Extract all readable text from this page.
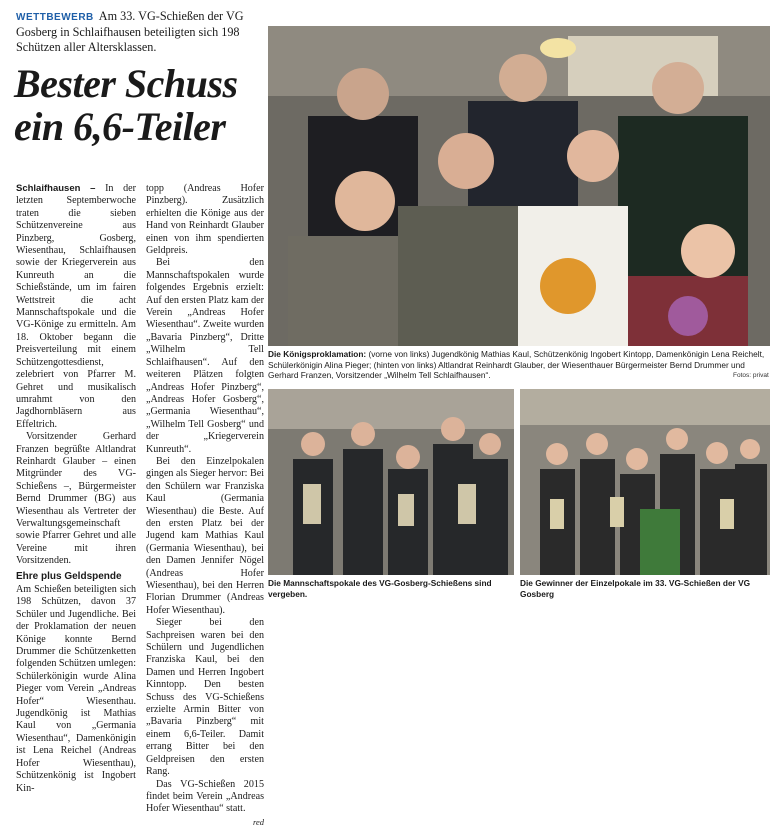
WETTBEWERB Am 33. VG-Schießen der VG Gosberg in Schlaifhausen beteiligten sich 198 Schützen aller Altersklassen.
Bester Schuss
ein 6,6-Teiler

Schlaifhausen – In der letzten Septemberwoche traten die sieben Schützenvereine aus Pinzberg, Gosberg, Wiesenthau, Schlaifhausen sowie der Kriegerverein aus Kunreuth an die Schießstände, um im fairen Wettstreit die acht Mannschaftspokale und die VG-Könige zu ermitteln. Am 18. Oktober begann die Preisverteilung mit einem Schützengottesdienst, zelebriert von Pfarrer M. Gehret und musikalisch umrahmt von den Jagdhornbläsern aus Effeltrich.

Vorsitzender Gerhard Franzen begrüßte Altlandrat Reinhardt Glauber – einen Mitgründer des VG-Schießens –, Bürgermeister Bernd Drummer (BG) aus Wiesenthau als Vertreter der Verwaltungsgemeinschaft sowie Pfarrer Gehret und alle Vereine mit ihren Vorsitzenden.

Ehre plus Geldspende

Am Schießen beteiligten sich 198 Schützen, davon 37 Schüler und Jugendliche. Bei der Proklamation der neuen Könige konnte Bernd Drummer die Schützenketten folgenden Schützen umlegen: Schülerkönigin wurde Alina Pieger vom Verein „Andreas Hofer“ Wiesenthau. Jugendkönig ist Mathias Kaul von „Germania Wiesenthau“, Damenkönigin ist Lena Reichel (Andreas Hofer Wiesenthau), Schützenkönig ist Ingobert Kin-

topp (Andreas Hofer Pinzberg). Zusätzlich erhielten die Könige aus der Hand von Reinhardt Glauber einen von ihm spendierten Geldpreis.

Bei den Mannschaftspokalen wurde folgendes Ergebnis erzielt: Auf den ersten Platz kam der Verein „Andreas Hofer Wiesenthau“. Zweite wurden „Bavaria Pinzberg“, Dritte „Wilhelm Tell Schlaifhausen“. Auf den weiteren Plätzen folgten „Andreas Hofer Pinzberg“, „Andreas Hofer Gosberg“, „Germania Wiesenthau“, „Wilhelm Tell Gosberg“ und der „Kriegerverein Kunreuth“.

Bei den Einzelpokalen gingen als Sieger hervor: Bei den Schülern war Franziska Kaul (Germania Wiesenthau) die Beste. Auf den ersten Platz bei der Jugend kam Mathias Kaul (Germania Wiesenthau), bei den Damen Jennifer Nögel (Andreas Hofer Wiesenthau), bei den Herren Florian Drummer (Andreas Hofer Wiesenthau).

Sieger bei den Sachpreisen waren bei den Schülern und Jugendlichen Franziska Kaul, bei den Damen und Herren Ingobert Kinntopp. Den besten Schuss des VG-Schießens erzielte Armin Bitter von „Bavaria Pinzberg“ mit einem 6,6-Teiler. Damit errang Bitter bei den Geldpreisen den ersten Rang.

Das VG-Schießen 2015 findet beim Verein „Andreas Hofer Wiesenthau“ statt.
red

Die Königsproklamation: (vorne von links) Jugendkönig Mathias Kaul, Schützenkönig Ingobert Kintopp, Damenkönigin Lena Reichelt, Schülerkönigin Alina Pieger; (hinten von links) Altlandrat Reinhardt Glauber, der Wiesenthauer Bürgermeister Bernd Drummer und Gerhard Franzen, Vorsitzender „Wilhelm Tell Schlaifhausen“.	Fotos: privat
Die Mannschaftspokale des VG-Gosberg-Schießens sind vergeben.
Die Gewinner der Einzelpokale im 33. VG-Schießen der VG Gosberg
